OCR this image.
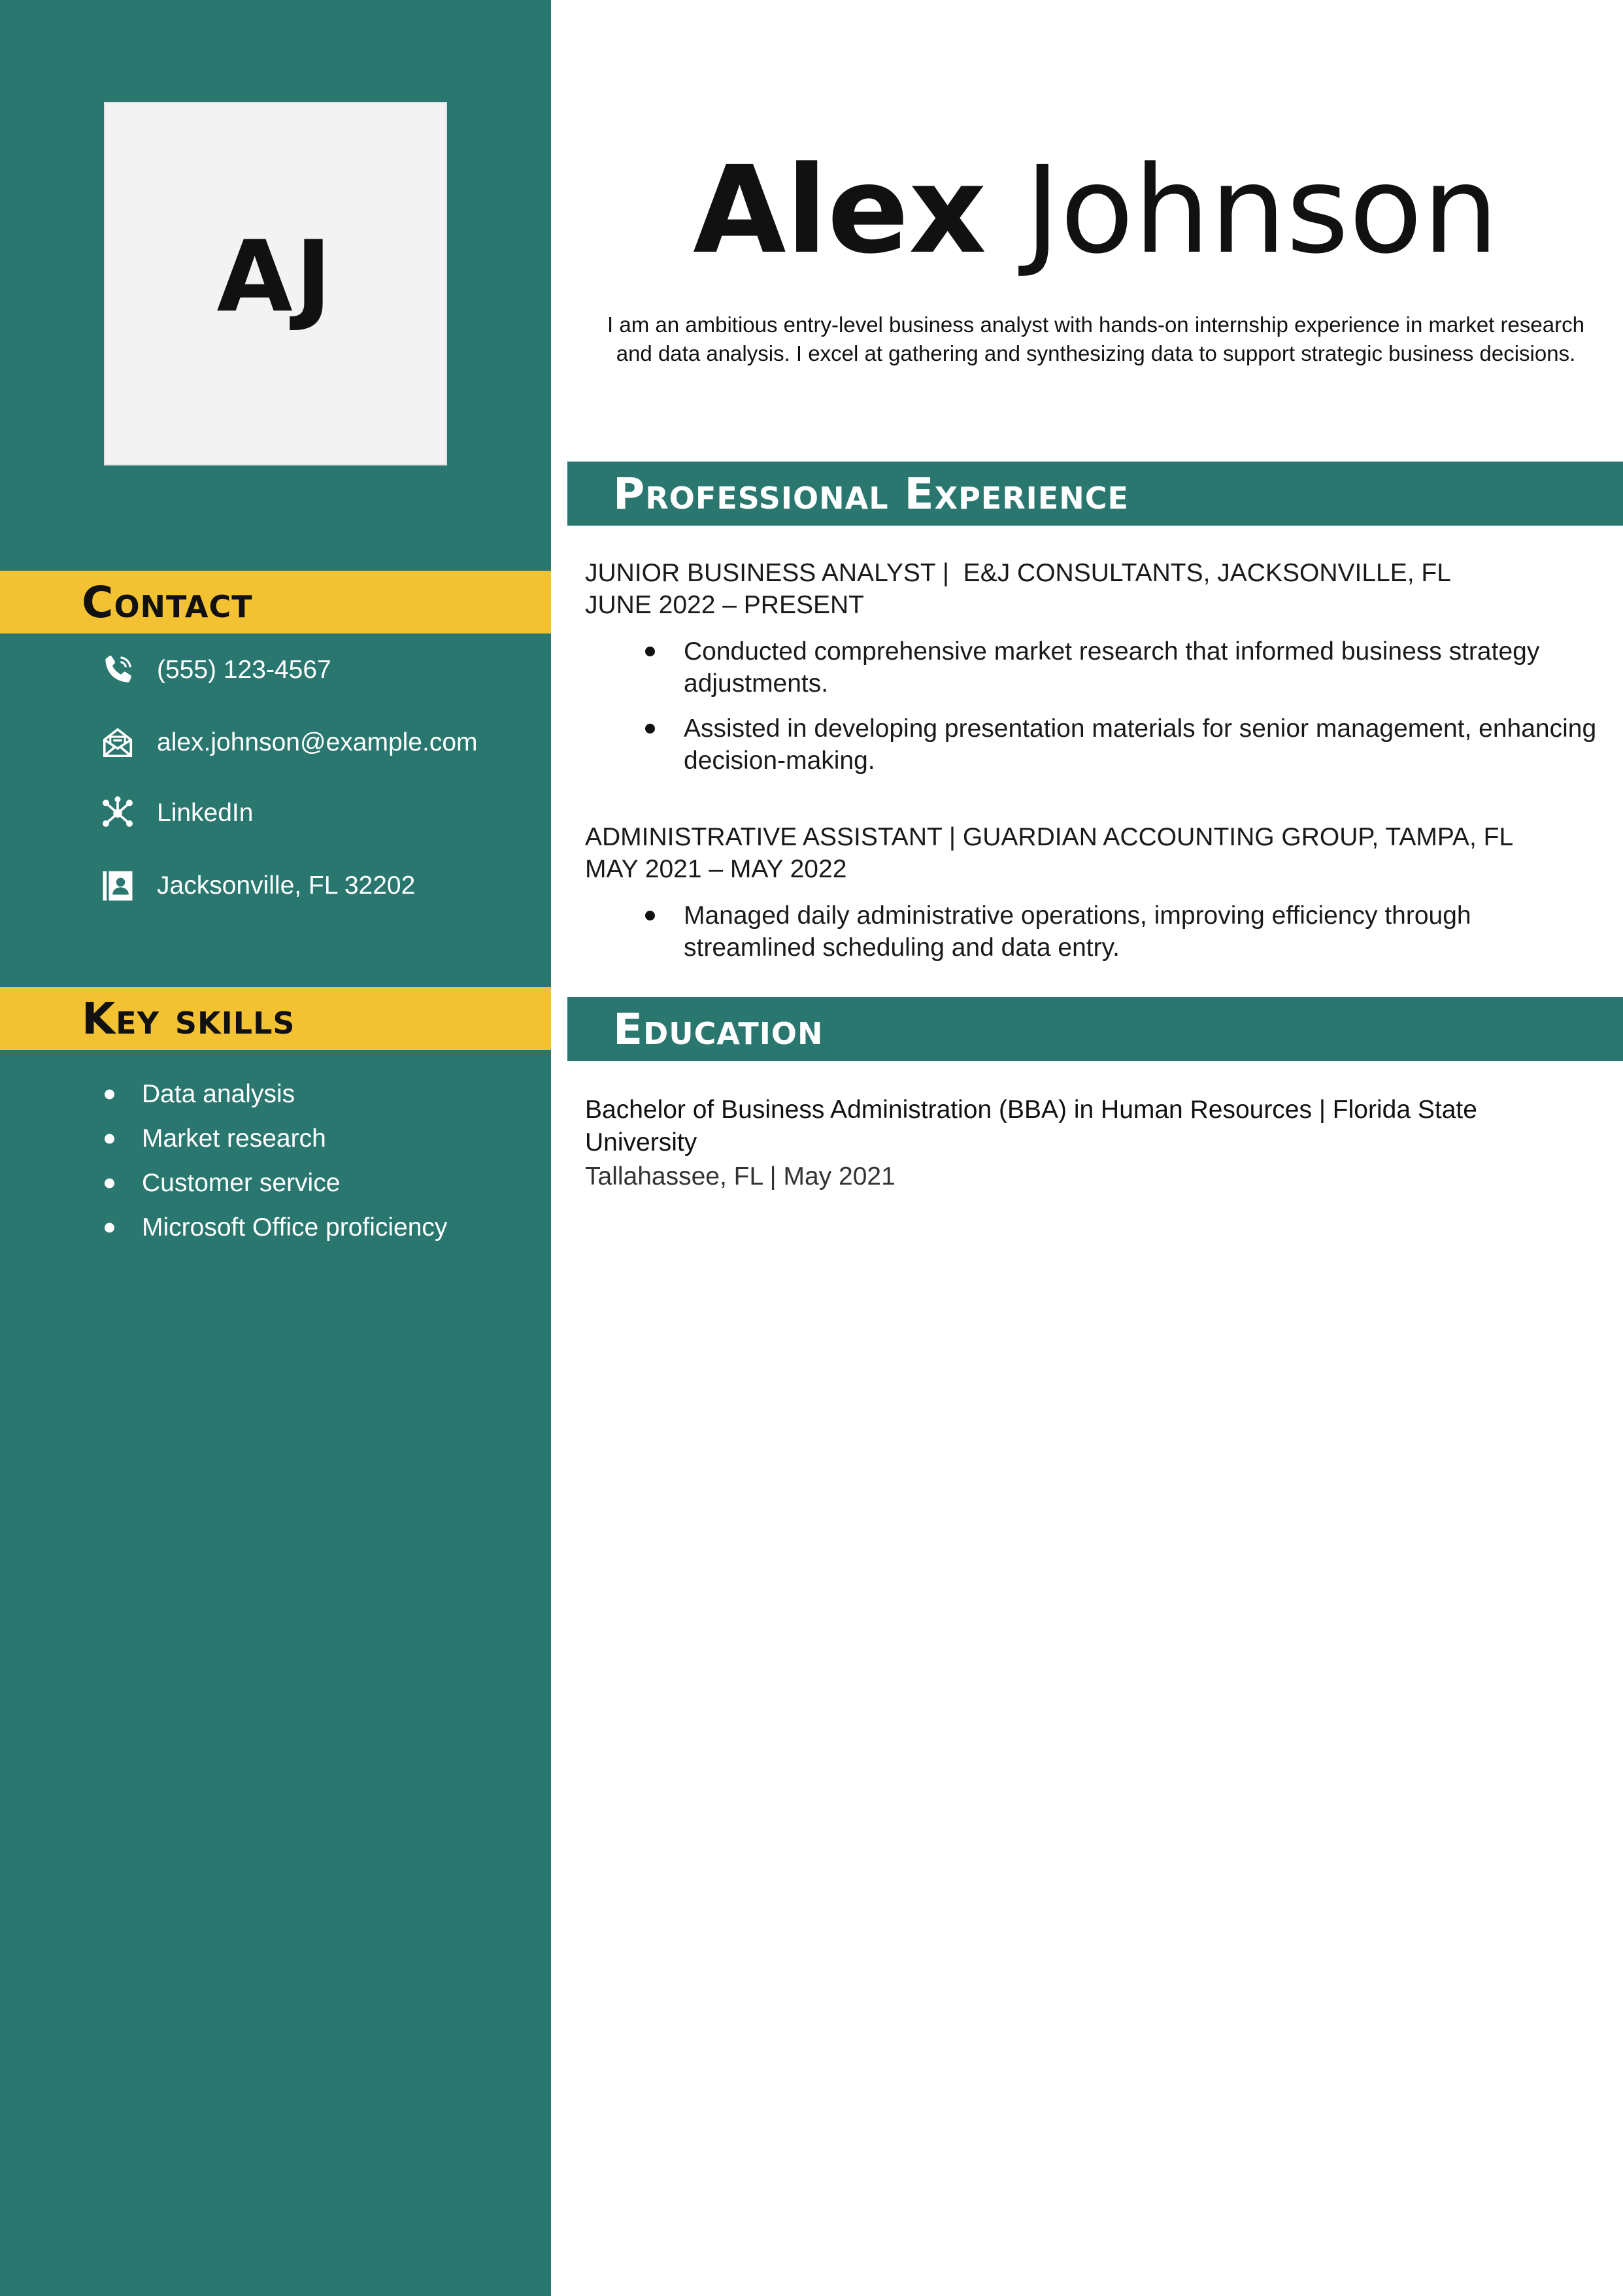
AJ
Contact
(555) 123-4567
alex.johnson@example.com
LinkedIn
Jacksonville, FL 32202
Key skills
Data analysis
Market research
Customer service
Microsoft Office proficiency
Alex Johnson
I am an ambitious entry-level business analyst with hands-on internship experience in market research and data analysis. I excel at gathering and synthesizing data to support strategic business decisions.
Professional Experience
JUNIOR BUSINESS ANALYST |  E&J CONSULTANTS, JACKSONVILLE, FL
JUNE 2022 – PRESENT
Conducted comprehensive market research that informed business strategy adjustments.
Assisted in developing presentation materials for senior management, enhancing decision-making.
ADMINISTRATIVE ASSISTANT | GUARDIAN ACCOUNTING GROUP, TAMPA, FL
MAY 2021 – MAY 2022
Managed daily administrative operations, improving efficiency through streamlined scheduling and data entry.
Education
Bachelor of Business Administration (BBA) in Human Resources | Florida State University
Tallahassee, FL | May 2021
